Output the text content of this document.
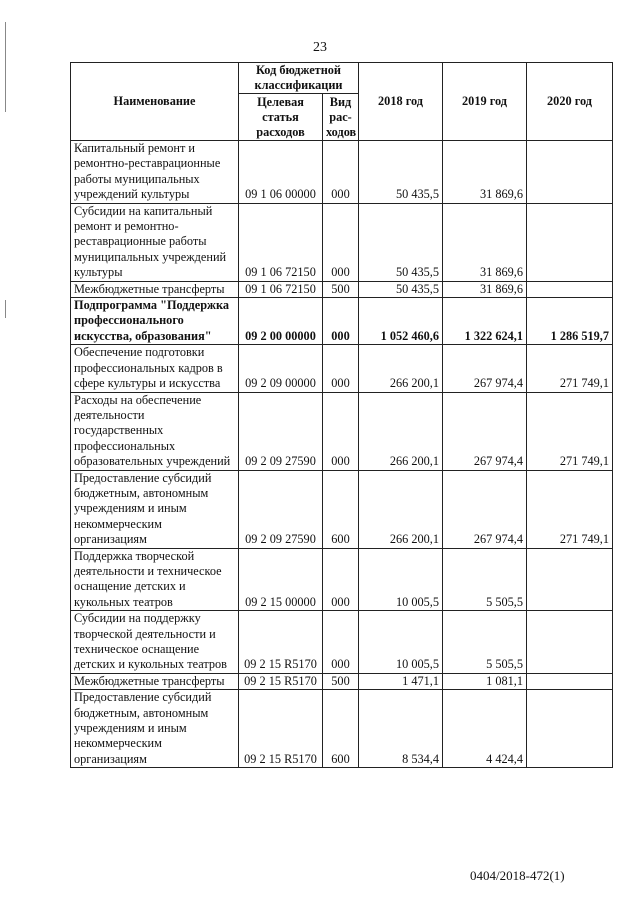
23
Наименование	Код бюджетной классификации		2018 год	2019 год	2020 год
	Целевая статья расходов	Вид рас-ходов			
Капитальный ремонт и ремонтно-реставрационные работы муниципальных учреждений культуры	09 1 06 00000	000	50 435,5	31 869,6	
Субсидии на капитальный ремонт и ремонтно-реставрационные работы муниципальных учреждений культуры	09 1 06 72150	000	50 435,5	31 869,6	
Межбюджетные трансферты	09 1 06 72150	500	50 435,5	31 869,6	
Подпрограмма "Поддержка профессионального искусства, образования"	09 2 00 00000	000	1 052 460,6	1 322 624,1	1 286 519,7
Обеспечение подготовки профессиональных кадров в сфере культуры и искусства	09 2 09 00000	000	266 200,1	267 974,4	271 749,1
Расходы на обеспечение деятельности государственных профессиональных образовательных учреждений	09 2 09 27590	000	266 200,1	267 974,4	271 749,1
Предоставление субсидий бюджетным, автономным учреждениям и иным некоммерческим организациям	09 2 09 27590	600	266 200,1	267 974,4	271 749,1
Поддержка творческой деятельности и техническое оснащение детских и кукольных театров	09 2 15 00000	000	10 005,5	5 505,5	
Субсидии на поддержку творческой деятельности и техническое оснащение детских и кукольных театров	09 2 15 R5170	000	10 005,5	5 505,5	
Межбюджетные трансферты	09 2 15 R5170	500	1 471,1	1 081,1	
Предоставление субсидий бюджетным, автономным учреждениям и иным некоммерческим организациям	09 2 15 R5170	600	8 534,4	4 424,4	
0404/2018-472(1)
